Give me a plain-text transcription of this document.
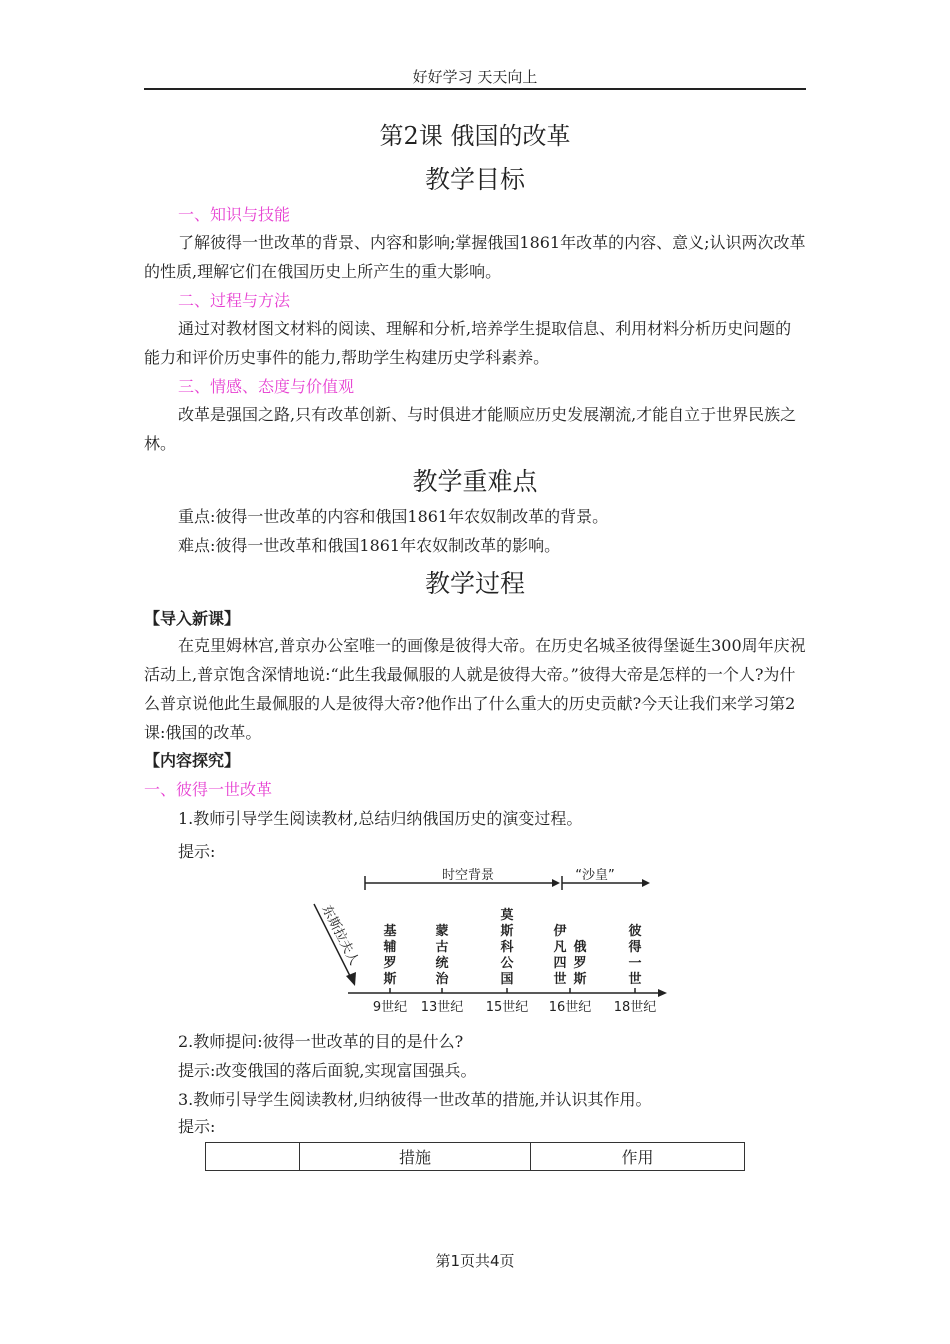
好好学习 天天向上
第2课 俄国的改革
教学目标
一、知识与技能
了解彼得一世改革的背景、内容和影响;掌握俄国1861年改革的内容、意义;认识两次改革的性质,理解它们在俄国历史上所产生的重大影响。
二、过程与方法
通过对教材图文材料的阅读、理解和分析,培养学生提取信息、利用材料分析历史问题的能力和评价历史事件的能力,帮助学生构建历史学科素养。
三、情感、态度与价值观
改革是强国之路,只有改革创新、与时俱进才能顺应历史发展潮流,才能自立于世界民族之林。
教学重难点
重点:彼得一世改革的内容和俄国1861年农奴制改革的背景。
难点:彼得一世改革和俄国1861年农奴制改革的影响。
教学过程
【导入新课】
在克里姆林宫,普京办公室唯一的画像是彼得大帝。在历史名城圣彼得堡诞生300周年庆祝活动上,普京饱含深情地说:“此生我最佩服的人就是彼得大帝。”彼得大帝是怎样的一个人?为什么普京说他此生最佩服的人是彼得大帝?他作出了什么重大的历史贡献?今天让我们来学习第2课:俄国的改革。
【内容探究】
一、彼得一世改革
1.教师引导学生阅读教材,总结归纳俄国历史的演变过程。
提示:
时空背景	“沙皇”
东斯拉夫人 基
辅
罗
斯
蒙
古
统
治
莫
斯
科
公
国
伊
凡
四
世
俄
罗
斯
彼
得
一
世
9世纪 13世纪 15世纪 16世纪 18世纪
2.教师提问:彼得一世改革的目的是什么?
提示:改变俄国的落后面貌,实现富国强兵。
3.教师引导学生阅读教材,归纳彼得一世改革的措施,并认识其作用。
提示:
	措施	作用
第1页共4页
